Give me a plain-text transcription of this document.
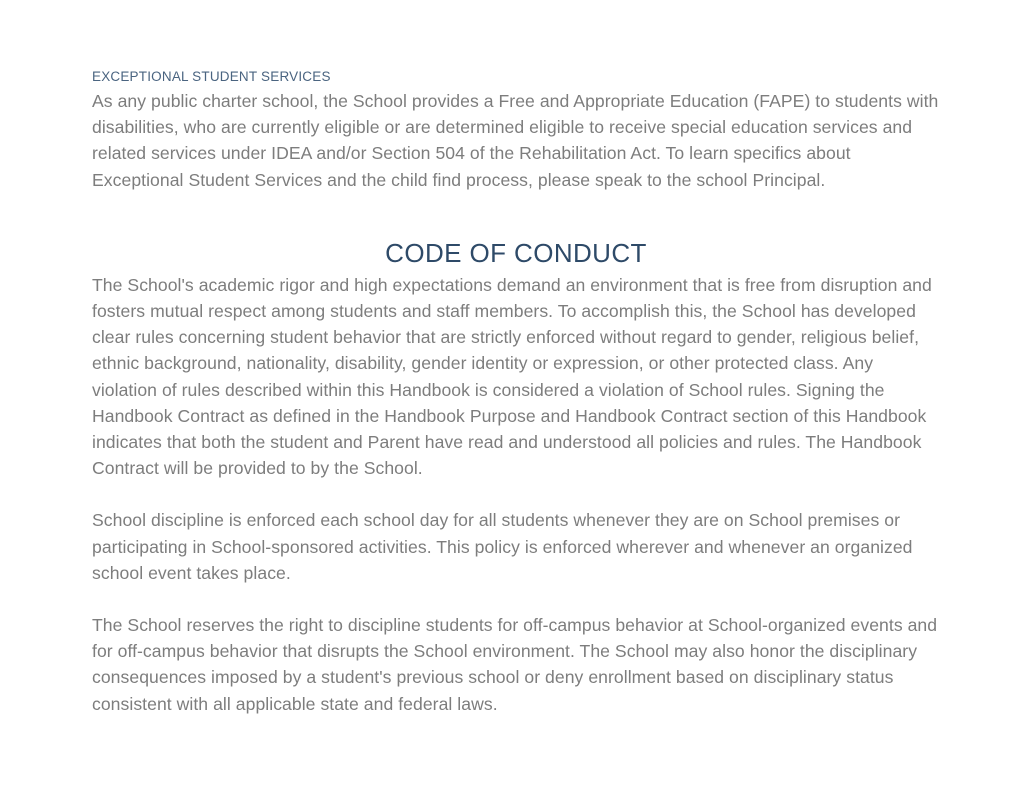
EXCEPTIONAL STUDENT SERVICES

As any public charter school, the School provides a Free and Appropriate Education (FAPE) to students with disabilities, who are currently eligible or are determined eligible to receive special education services and related services under IDEA and/or Section 504 of the Rehabilitation Act. To learn specifics about Exceptional Student Services and the child find process, please speak to the school Principal.

CODE OF CONDUCT

The School's academic rigor and high expectations demand an environment that is free from disruption and fosters mutual respect among students and staff members. To accomplish this, the School has developed clear rules concerning student behavior that are strictly enforced without regard to gender, religious belief, ethnic background, nationality, disability, gender identity or expression, or other protected class. Any violation of rules described within this Handbook is considered a violation of School rules. Signing the Handbook Contract as defined in the Handbook Purpose and Handbook Contract section of this Handbook indicates that both the student and Parent have read and understood all policies and rules. The Handbook Contract will be provided to by the School.

School discipline is enforced each school day for all students whenever they are on School premises or participating in School-sponsored activities. This policy is enforced wherever and whenever an organized school event takes place.

The School reserves the right to discipline students for off-campus behavior at School-organized events and for off-campus behavior that disrupts the School environment. The School may also honor the disciplinary consequences imposed by a student's previous school or deny enrollment based on disciplinary status consistent with all applicable state and federal laws.
